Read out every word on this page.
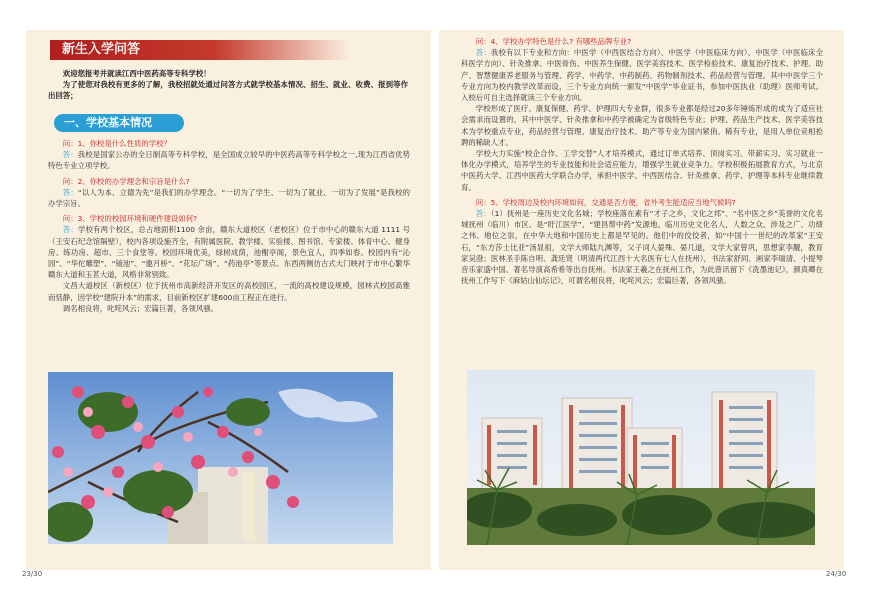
新生入学问答

欢迎您报考并就读江西中医药高等专科学校！

为了使您对我校有更多的了解，我校招就处通过问答方式就学校基本情况、招生、就业、收费、报到等作出回答；

一、学校基本情况

问：1、你校是什么性质的学校？

答：我校是国家公办的全日制高等专科学校，是全国成立较早的中医药高等专科学校之一,现为江西省优势特色专业立项学校。

问：2、你校的办学理念和宗旨是什么?

答：“以人为本、立德为先”是我们的办学理念。“一切为了学生、一切为了就业、一切为了发展”是我校的办学宗旨。

问：3、学校的校园环境和硬件建设如何?

答：学校有两个校区，总占地面积1100 余亩，赣东大道校区（老校区）位于市中心的赣东大道 1111 号（王安石纪念馆隔壁），校内各项设施齐全，有附属医院、教学楼、实验楼、图书馆、专家楼、体育中心、健身房、练功房、超市、三个食堂等。校园环境优美，绿树成荫，池榭亭阁，景色宜人，四季如春。校园内有“沁园”、“华佗雕塑”、“镜池”、“邀月桥”、“花坛广场”、“药池亭”等景点。东西两侧仿古式大门映衬于市中心繁华赣东大道和玉茗大道，风格非常别致。

文昌大道校区（新校区）位于抚州市高新经济开发区的高校园区，一流的高校建设规模，园林式校园高雅而恬静，因学校“建院升本”的需求，目前新校区扩建600亩工程正在进行。

调名相良将，叱咤风云；宏篇巨著，各领风骚。

23/30

问：4、学校办学特色是什么? 有哪些品牌专业?

答：我校有以下专业和方向：中医学（中西医结合方向）、中医学（中医临床方向）、中医学（中医临床全科医学方向）、针灸推拿、中医骨伤、中医养生保健、医学美容技术、医学检验技术、康复治疗技术、护理、助产、智慧健康养老服务与管理、药学、中药学、中药制药、药物制剂技术、药品经营与管理。其中中医学三个专业方向为校内教学改革而设，三个专业方向统一颁发“中医学”毕业证书，参加中医执业（助理）医师考试。入校后可自主选择就读三个专业方向。

学校形成了医疗、康复保健、药学、护理四大专业群，很多专业都是经过20多年锤炼形成的成为了适应社会需求而设置的，其中中医学、针灸推拿和中药学被确定为省级特色专业；护理、药品生产技术、医学美容技术为学校重点专业，药品经营与管理、康复治疗技术、助产等专业为国内紧俏、稀有专业，是用人单位竞相抢聘的稀缺人才。

学校大力实施“校企合作、工学交替”人才培养模式，通过订单式培养、顶岗实习、带薪实习、实习就业一体化办学模式，培养学生的专业技能和社会适应能力，增强学生就业竞争力。学校积极拓展教育方式，与北京中医药大学、江西中医药大学联合办学，承担中医学、中西医结合、针灸推拿、药学、护理等本科专业继续教育。

问：5、学校周边及校内环境如何，交通是否方便，省外考生能适应当地气候吗?

答：（1）抚州是一座历史文化名城；学校座落在素有“才子之乡，文化之邦”、“名中医之乡”美誉的文化名城抚州（临川）市区。是“盱江医学”、“建昌帮中药”发源地。临川历史文化名人，人数之众、涉及之广、功绩之伟、地位之崇，在中华大地和中国历史上都是罕见的。他们中的佼佼者，如“中国十一世纪的改革家”王安石，“东方莎士比亚”汤显祖，文学大师陆九渊等，父子词人晏殊、晏几道，文学大家曾巩，思想家李觏，教育家吴澄；医林圣手陈自明、龚廷贤（明清两代江西十大名医有七人在抚州），书法家舒同、画家李瑞清、小提琴音乐家盛中国、著名导演高希希等出自抚州。书法家王羲之在抚州工作，为此曾讯留下《洗墨池记》，颜真卿在抚州工作写下《麻姑山仙坛记》，可谓名相良将，叱咤风云；宏篇巨著，各领风骚。

24/30
